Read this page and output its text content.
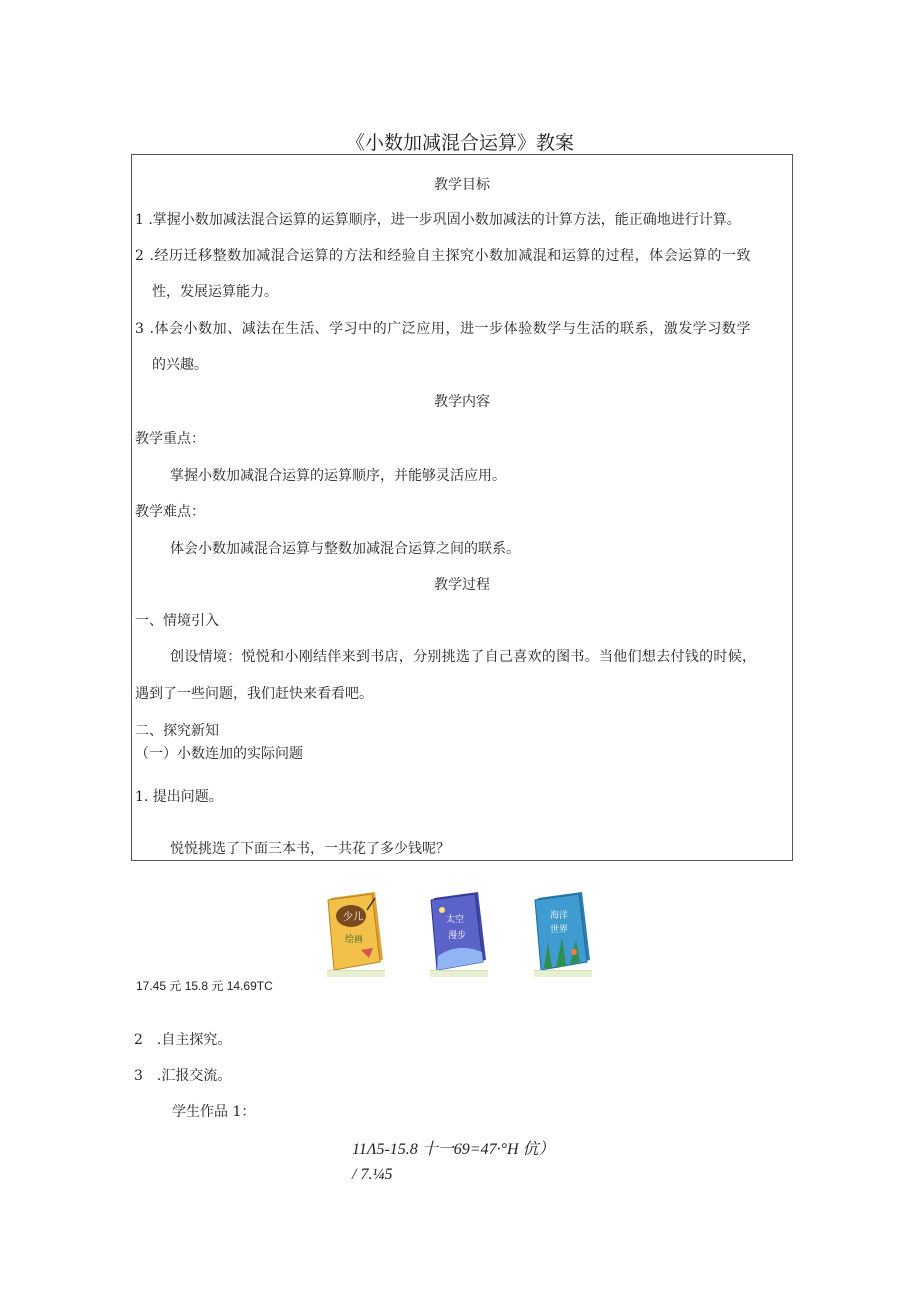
《小数加减混合运算》教案
教学目标
1 .掌握小数加减法混合运算的运算顺序，进一步巩固小数加减法的计算方法，能正确地进行计算。
2 .经历迁移整数加减混合运算的方法和经验自主探究小数加减混和运算的过程，体会运算的一致
性，发展运算能力。
3 .体会小数加、减法在生活、学习中的广泛应用，进一步体验数学与生活的联系，激发学习数学
的兴趣。
教学内容
教学重点：
掌握小数加减混合运算的运算顺序，并能够灵活应用。
教学难点：
体会小数加减混合运算与整数加减混合运算之间的联系。
教学过程
一、情境引入
创设情境：悦悦和小刚结伴来到书店，分别挑选了自己喜欢的图书。当他们想去付钱的时候，
遇到了一些问题，我们赶快来看看吧。
二、探究新知
（一）小数连加的实际问题
1. 提出问题。
悦悦挑选了下面三本书，一共花了多少钱呢？
少儿
绘画
太空
漫步
海洋
世界
17.45 元 15.8 元 14.69TC
2　.自主探究。
3　.汇报交流。
学生作品 1：
11Λ5-15.8 十一69=47·°H 伉）
/ 7.¼5
